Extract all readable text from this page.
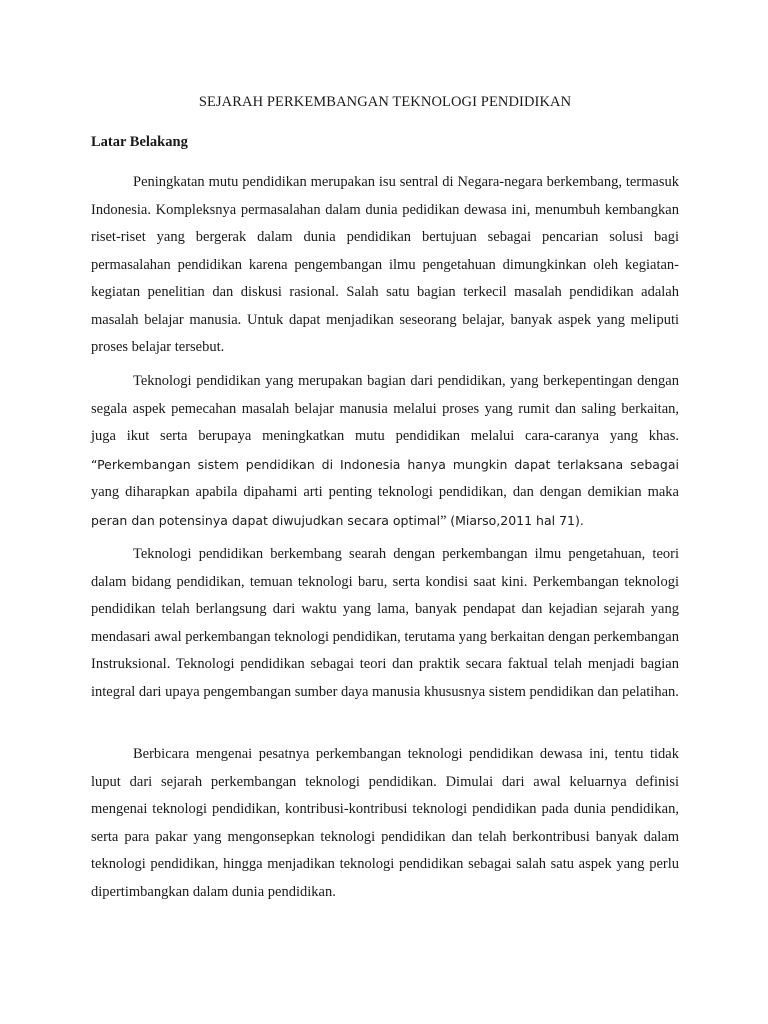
SEJARAH PERKEMBANGAN TEKNOLOGI PENDIDIKAN
Latar Belakang

Peningkatan mutu pendidikan merupakan isu sentral di Negara-negara berkembang, termasuk Indonesia. Kompleksnya permasalahan dalam dunia pedidikan dewasa ini, menumbuh kembangkan riset-riset yang bergerak dalam dunia pendidikan bertujuan sebagai pencarian solusi bagi permasalahan pendidikan karena pengembangan ilmu pengetahuan dimungkinkan oleh kegiatan-kegiatan penelitian dan diskusi rasional. Salah satu bagian terkecil masalah pendidikan adalah masalah belajar manusia. Untuk dapat menjadikan seseorang belajar, banyak aspek yang meliputi proses belajar tersebut.

Teknologi pendidikan yang merupakan bagian dari pendidikan, yang berkepentingan dengan segala aspek pemecahan masalah belajar manusia melalui proses yang rumit dan saling berkaitan, juga ikut serta berupaya meningkatkan mutu pendidikan melalui cara-caranya yang khas. “Perkembangan sistem pendidikan di Indonesia hanya mungkin dapat terlaksana sebagai yang diharapkan apabila dipahami arti penting teknologi pendidikan, dan dengan demikian maka peran dan potensinya dapat diwujudkan secara optimal” (Miarso,2011 hal 71).

Teknologi pendidikan berkembang searah dengan perkembangan ilmu pengetahuan, teori dalam bidang pendidikan, temuan teknologi baru, serta kondisi saat kini. Perkembangan teknologi pendidikan telah berlangsung dari waktu yang lama, banyak pendapat dan kejadian sejarah yang mendasari awal perkembangan teknologi pendidikan, terutama yang berkaitan dengan perkembangan Instruksional. Teknologi pendidikan sebagai teori dan praktik secara faktual telah menjadi bagian integral dari upaya pengembangan sumber daya manusia khususnya sistem pendidikan dan pelatihan.

Berbicara mengenai pesatnya perkembangan teknologi pendidikan dewasa ini, tentu tidak luput dari sejarah perkembangan teknologi pendidikan. Dimulai dari awal keluarnya definisi mengenai teknologi pendidikan, kontribusi-kontribusi teknologi pendidikan pada dunia pendidikan, serta para pakar yang mengonsepkan teknologi pendidikan dan telah berkontribusi banyak dalam teknologi pendidikan, hingga menjadikan teknologi pendidikan sebagai salah satu aspek yang perlu dipertimbangkan dalam dunia pendidikan.
